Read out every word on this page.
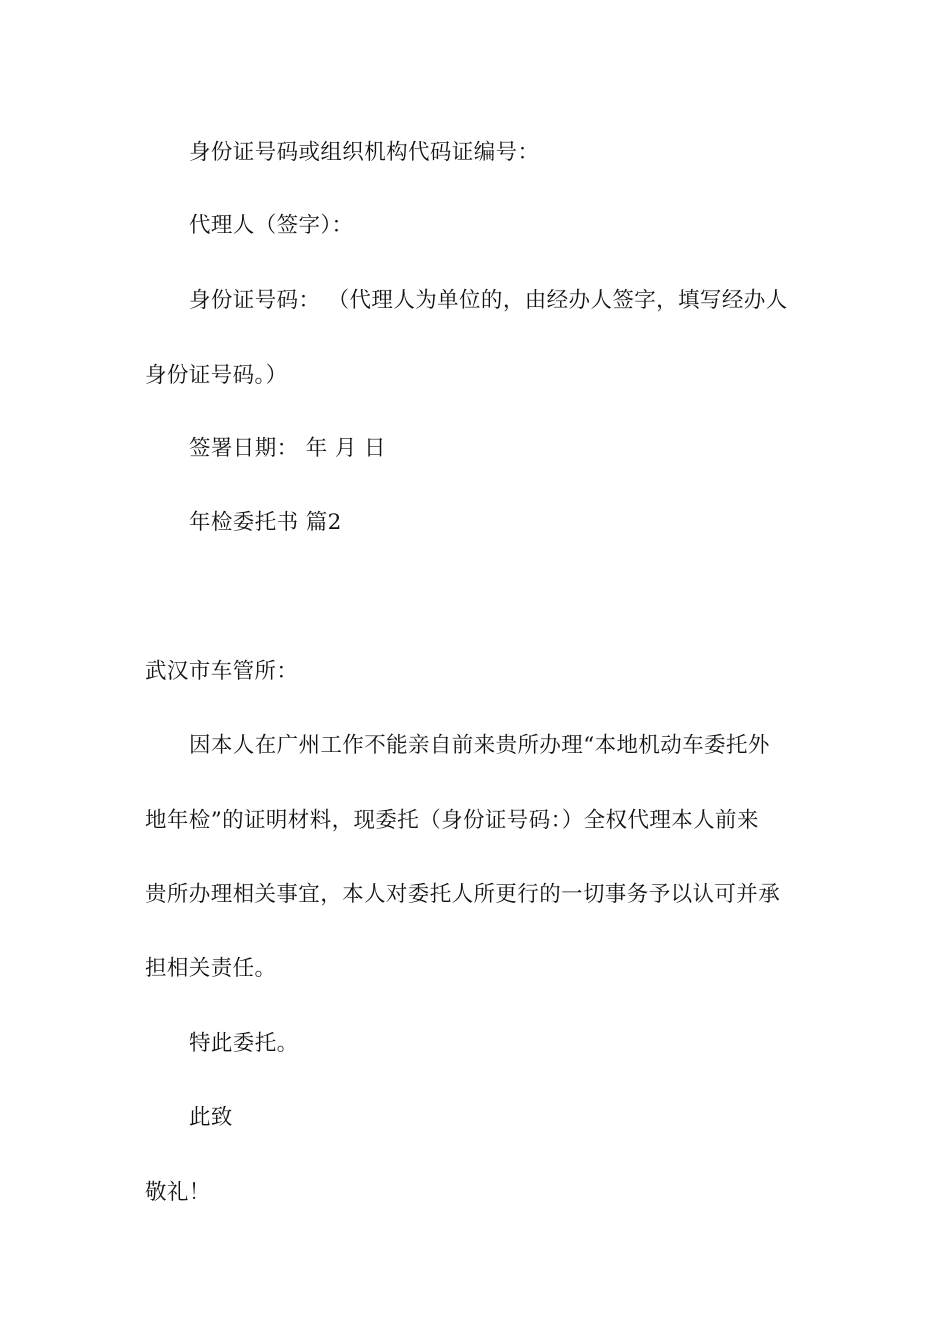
身份证号码或组织机构代码证编号：
代理人（签字）：
身份证号码： （代理人为单位的，由经办人签字，填写经办人
身份证号码。）
签署日期： 年 月 日
年检委托书 篇2
武汉市车管所：
因本人在广州工作不能亲自前来贵所办理“本地机动车委托外
地年检”的证明材料，现委托（身份证号码：）全权代理本人前来
贵所办理相关事宜，本人对委托人所更行的一切事务予以认可并承
担相关责任。
特此委托。
此致
敬礼！
